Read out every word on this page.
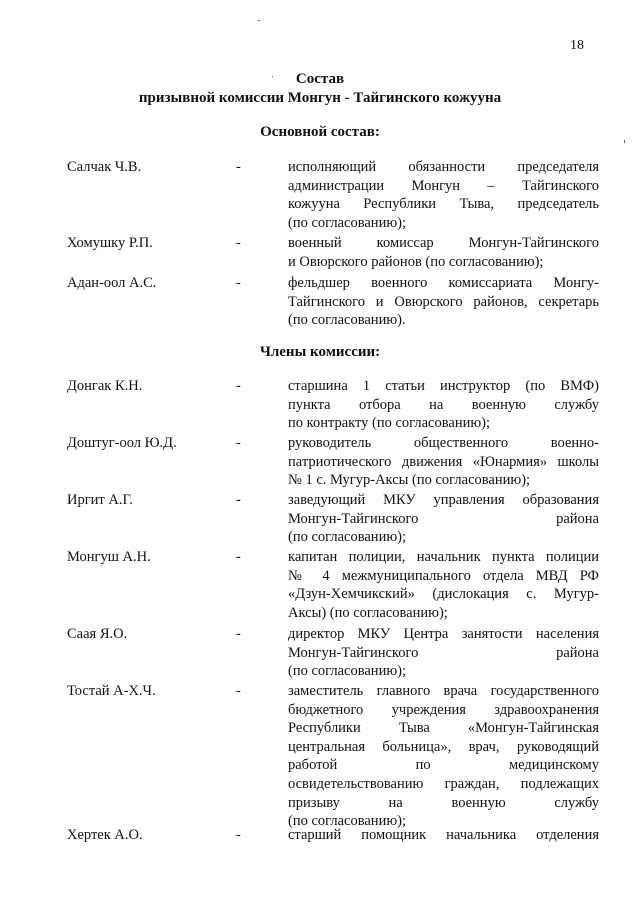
18
Состав
призывной комиссии Монгун - Тайгинского кожууна
Основной состав:
Салчак Ч.В.	-	исполняющий обязанности председателя
администрации Монгун – Тайгинского
кожууна Республики Тыва, председатель
(по согласованию);
Хомушку Р.П.	-	военный комиссар Монгун-Тайгинского
и Овюрского районов (по согласованию);
Адан-оол А.С.	-	фельдшер военного комиссариата Монгу-
Тайгинского и Овюрского районов, секретарь
(по согласованию).
Члены комиссии:
Донгак К.Н.	-	старшина 1 статьи инструктор (по ВМФ)
пункта отбора на военную службу
по контракту (по согласованию);
Доштуг-оол Ю.Д.	-	руководитель общественного военно-
патриотического движения «Юнармия» школы
№ 1 с. Мугур-Аксы (по согласованию);
Иргит А.Г.	-	заведующий МКУ управления образования
Монгун-Тайгинского района
(по согласованию);
Монгуш А.Н.	-	капитан полиции, начальник пункта полиции
№ 4 межмуниципального отдела МВД РФ
«Дзун-Хемчикский» (дислокация с. Мугур-
Аксы) (по согласованию);
Саая Я.О.	-	директор МКУ Центра занятости населения
Монгун-Тайгинского района
(по согласованию);
Тостай А-Х.Ч.	-	заместитель главного врача государственного
бюджетного учреждения здравоохранения
Республики Тыва «Монгун-Тайгинская
центральная больница», врач, руководящий
работой по медицинскому
освидетельствованию граждан, подлежащих
призыву на военную службу
(по согласованию);
Хертек А.О.	-	старший помощник начальника отделения
